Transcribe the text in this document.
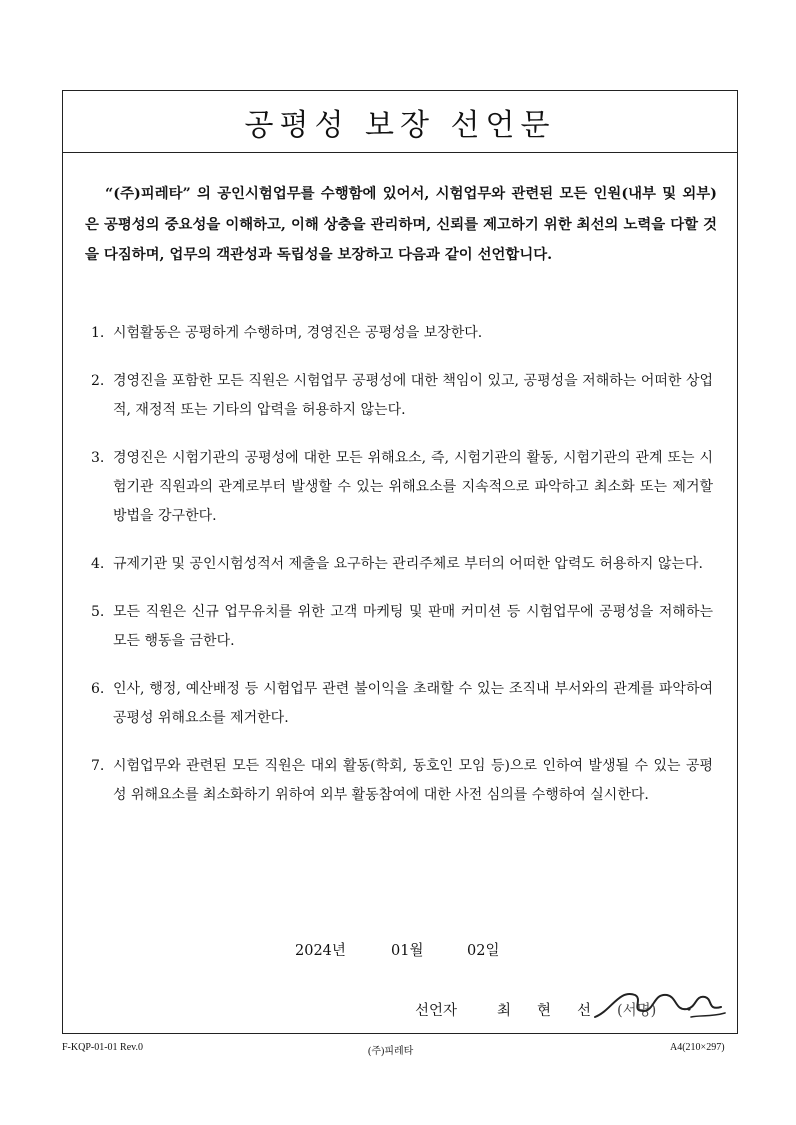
공평성 보장 선언문

“(주)피레타” 의 공인시험업무를 수행함에 있어서, 시험업무와 관련된 모든 인원(내부 및 외부)은 공평성의 중요성을 이해하고, 이해 상충을 관리하며, 신뢰를 제고하기 위한 최선의 노력을 다할 것을 다짐하며, 업무의 객관성과 독립성을 보장하고 다음과 같이 선언합니다.

1. 시험활동은 공평하게 수행하며, 경영진은 공평성을 보장한다.
2. 경영진을 포함한 모든 직원은 시험업무 공평성에 대한 책임이 있고, 공평성을 저해하는 어떠한 상업적, 재정적 또는 기타의 압력을 허용하지 않는다.
3. 경영진은 시험기관의 공평성에 대한 모든 위해요소, 즉, 시험기관의 활동, 시험기관의 관계 또는 시험기관 직원과의 관계로부터 발생할 수 있는 위해요소를 지속적으로 파악하고 최소화 또는 제거할 방법을 강구한다.
4. 규제기관 및 공인시험성적서 제출을 요구하는 관리주체로 부터의 어떠한 압력도 허용하지 않는다.
5. 모든 직원은 신규 업무유치를 위한 고객 마케팅 및 판매 커미션 등 시험업무에 공평성을 저해하는 모든 행동을 금한다.
6. 인사, 행정, 예산배정 등 시험업무 관련 불이익을 초래할 수 있는 조직내 부서와의 관계를 파악하여 공평성 위해요소를 제거한다.
7. 시험업무와 관련된 모든 직원은 대외 활동(학회, 동호인 모임 등)으로 인하여 발생될 수 있는 공평성 위해요소를 최소화하기 위하여 외부 활동참여에 대한 사전 심의를 수행하여 실시한다.
2024년	01월	02일
선언자	최 현 선 (서명)
F-KQP-01-01 Rev.0	(주)피레타	A4(210×297)
